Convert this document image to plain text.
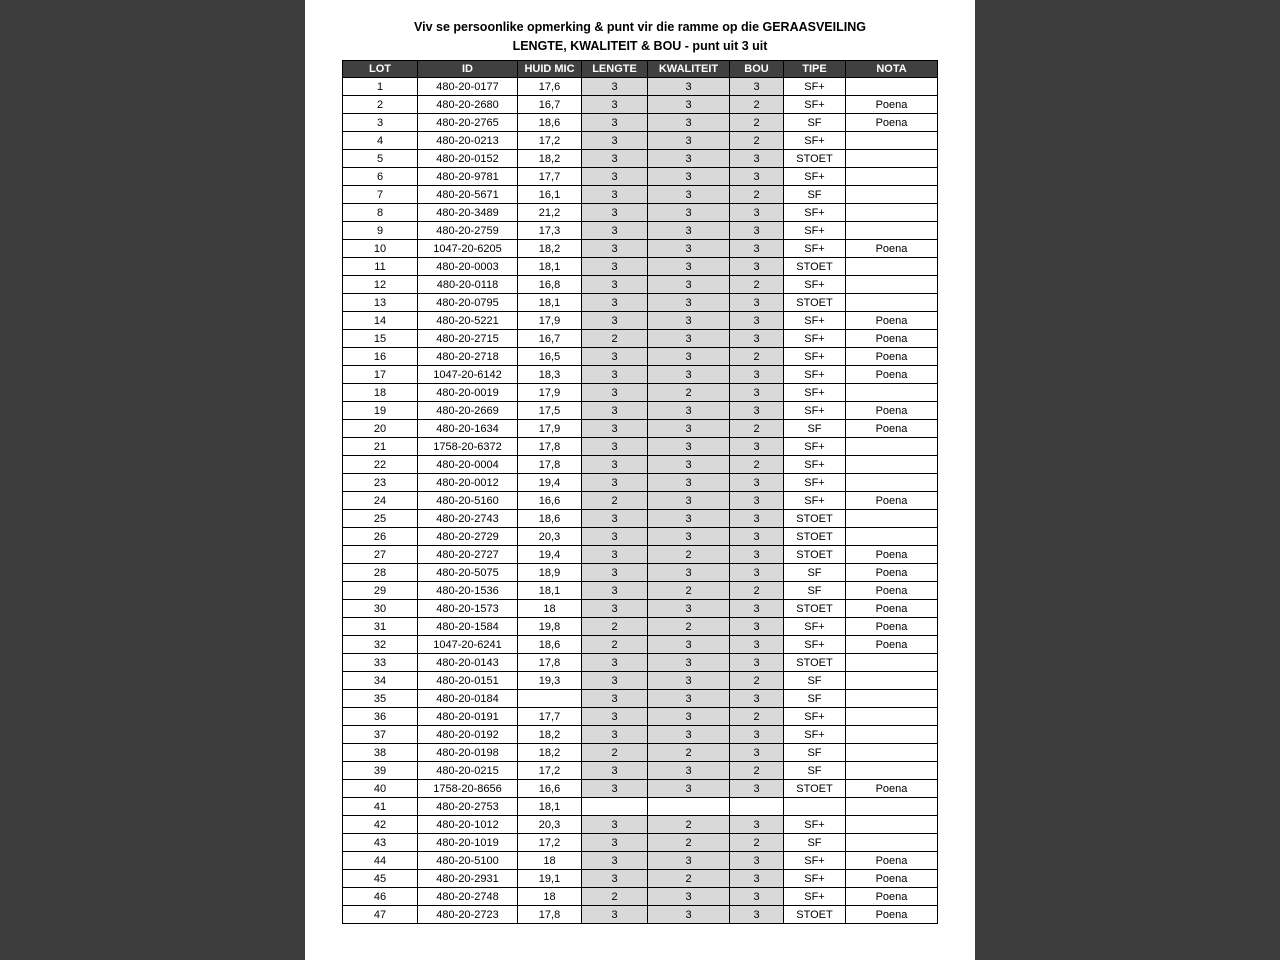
Viv se persoonlike opmerking & punt vir die ramme op die GERAASVEILING
LENGTE, KWALITEIT & BOU - punt uit 3 uit
LOT	ID	HUID MIC	LENGTE	KWALITEIT	BOU	TIPE	NOTA
1	480-20-0177	17,6	3	3	3	SF+	
2	480-20-2680	16,7	3	3	2	SF+	Poena
3	480-20-2765	18,6	3	3	2	SF	Poena
4	480-20-0213	17,2	3	3	2	SF+	
5	480-20-0152	18,2	3	3	3	STOET	
6	480-20-9781	17,7	3	3	3	SF+	
7	480-20-5671	16,1	3	3	2	SF	
8	480-20-3489	21,2	3	3	3	SF+	
9	480-20-2759	17,3	3	3	3	SF+	
10	1047-20-6205	18,2	3	3	3	SF+	Poena
11	480-20-0003	18,1	3	3	3	STOET	
12	480-20-0118	16,8	3	3	2	SF+	
13	480-20-0795	18,1	3	3	3	STOET	
14	480-20-5221	17,9	3	3	3	SF+	Poena
15	480-20-2715	16,7	2	3	3	SF+	Poena
16	480-20-2718	16,5	3	3	2	SF+	Poena
17	1047-20-6142	18,3	3	3	3	SF+	Poena
18	480-20-0019	17,9	3	2	3	SF+	
19	480-20-2669	17,5	3	3	3	SF+	Poena
20	480-20-1634	17,9	3	3	2	SF	Poena
21	1758-20-6372	17,8	3	3	3	SF+	
22	480-20-0004	17,8	3	3	2	SF+	
23	480-20-0012	19,4	3	3	3	SF+	
24	480-20-5160	16,6	2	3	3	SF+	Poena
25	480-20-2743	18,6	3	3	3	STOET	
26	480-20-2729	20,3	3	3	3	STOET	
27	480-20-2727	19,4	3	2	3	STOET	Poena
28	480-20-5075	18,9	3	3	3	SF	Poena
29	480-20-1536	18,1	3	2	2	SF	Poena
30	480-20-1573	18	3	3	3	STOET	Poena
31	480-20-1584	19,8	2	2	3	SF+	Poena
32	1047-20-6241	18,6	2	3	3	SF+	Poena
33	480-20-0143	17,8	3	3	3	STOET	
34	480-20-0151	19,3	3	3	2	SF	
35	480-20-0184		3	3	3	SF	
36	480-20-0191	17,7	3	3	2	SF+	
37	480-20-0192	18,2	3	3	3	SF+	
38	480-20-0198	18,2	2	2	3	SF	
39	480-20-0215	17,2	3	3	2	SF	
40	1758-20-8656	16,6	3	3	3	STOET	Poena
41	480-20-2753	18,1					
42	480-20-1012	20,3	3	2	3	SF+	
43	480-20-1019	17,2	3	2	2	SF	
44	480-20-5100	18	3	3	3	SF+	Poena
45	480-20-2931	19,1	3	2	3	SF+	Poena
46	480-20-2748	18	2	3	3	SF+	Poena
47	480-20-2723	17,8	3	3	3	STOET	Poena
